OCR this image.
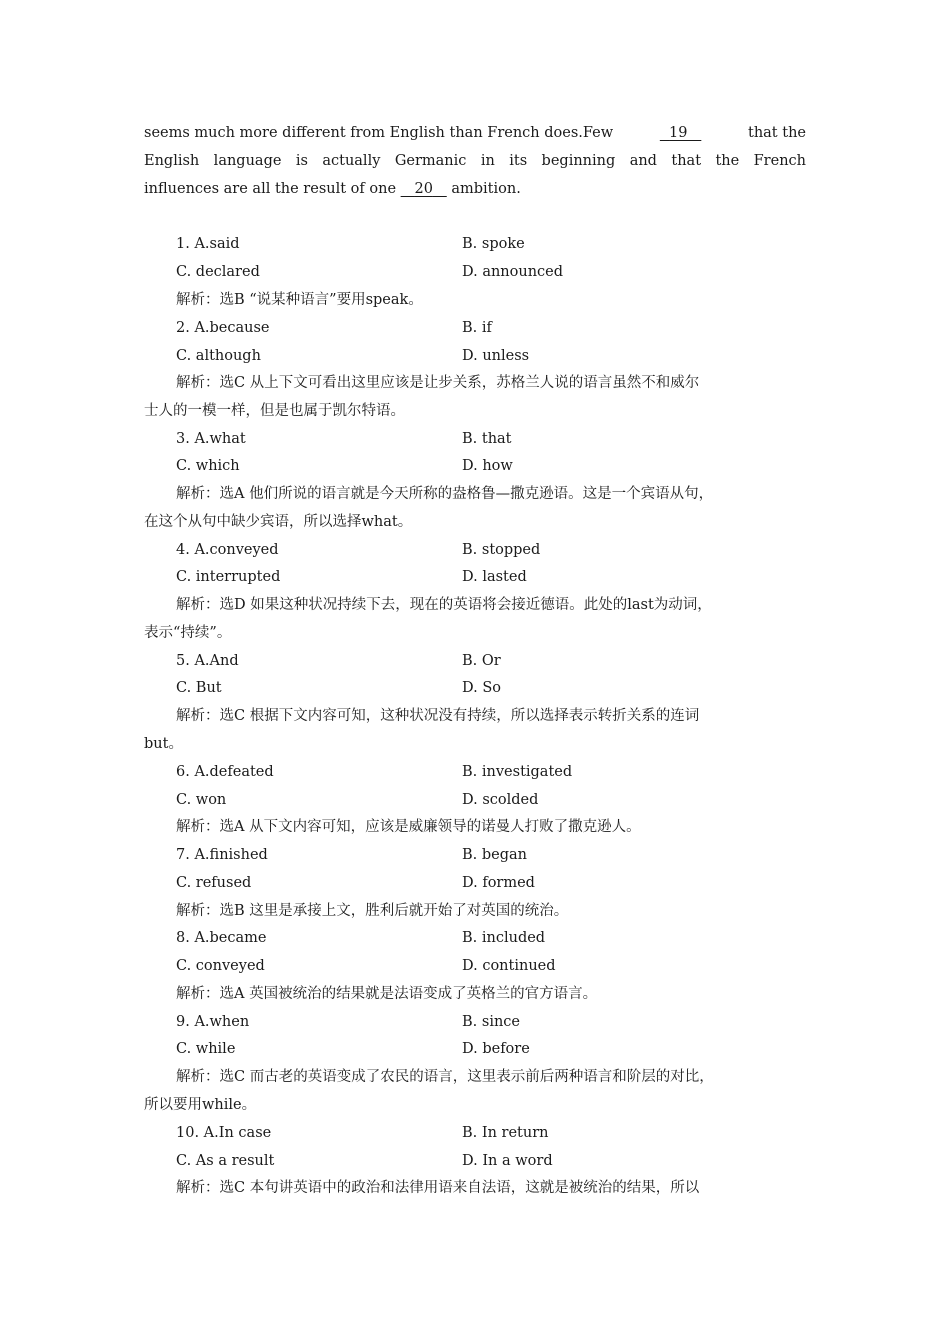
seems much more different from English than French does.Few	19	that the
English language is actually Germanic in its beginning and that the French
influences are all the result of one 20 ambition.
1. A.said	B. spoke
C. declared	D. announced
解析：选B “说某种语言”要用speak。
2. A.because	B. if
C. although	D. unless
解析：选C 从上下文可看出这里应该是让步关系，苏格兰人说的语言虽然不和威尔
士人的一模一样，但是也属于凯尔特语。
3. A.what	B. that
C. which	D. how
解析：选A 他们所说的语言就是今天所称的盎格鲁—撒克逊语。这是一个宾语从句，
在这个从句中缺少宾语，所以选择what。
4. A.conveyed	B. stopped
C. interrupted	D. lasted
解析：选D 如果这种状况持续下去，现在的英语将会接近德语。此处的last为动词，
表示“持续”。
5. A.And	B. Or
C. But	D. So
解析：选C 根据下文内容可知，这种状况没有持续，所以选择表示转折关系的连词
but。
6. A.defeated	B. investigated
C. won	D. scolded
解析：选A 从下文内容可知，应该是威廉领导的诺曼人打败了撒克逊人。
7. A.finished	B. began
C. refused	D. formed
解析：选B 这里是承接上文，胜利后就开始了对英国的统治。
8. A.became	B. included
C. conveyed	D. continued
解析：选A 英国被统治的结果就是法语变成了英格兰的官方语言。
9. A.when	B. since
C. while	D. before
解析：选C 而古老的英语变成了农民的语言，这里表示前后两种语言和阶层的对比，
所以要用while。
10. A.In case	B. In return
C. As a result	D. In a word
解析：选C 本句讲英语中的政治和法律用语来自法语，这就是被统治的结果，所以
